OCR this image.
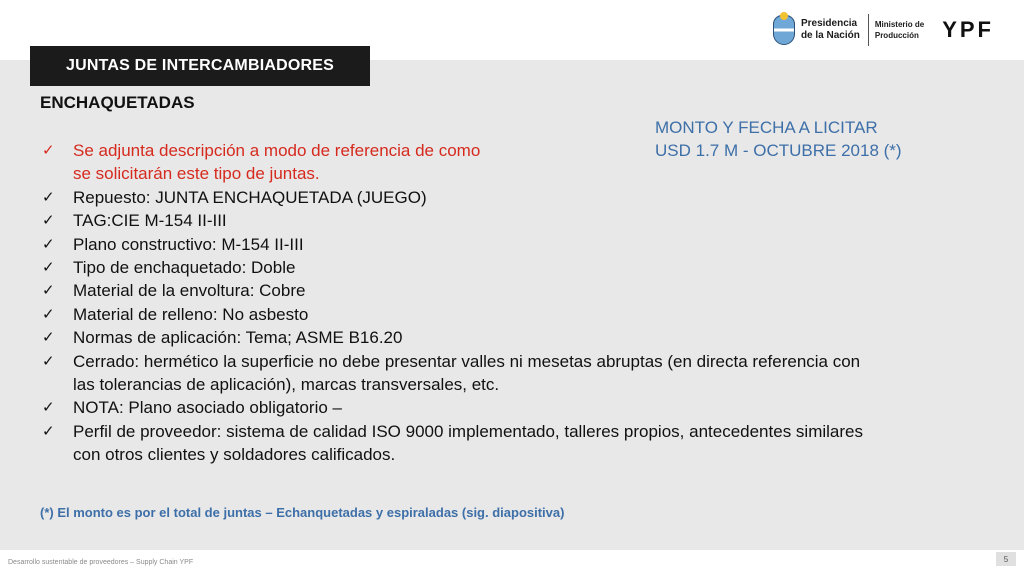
Presidencia
de la Nación
Ministerio de
Producción YPF
JUNTAS DE INTERCAMBIADORES
ENCHAQUETADAS
MONTO Y FECHA A LICITAR
USD 1.7 M - OCTUBRE 2018 (*)
✓ Se adjunta descripción a modo de referencia de como
se solicitarán este tipo de juntas.
✓ Repuesto: JUNTA ENCHAQUETADA (JUEGO)
✓ TAG:CIE M-154 II-III
✓ Plano constructivo: M-154 II-III
✓ Tipo de enchaquetado: Doble
✓ Material de la envoltura: Cobre
✓ Material de relleno: No asbesto
✓ Normas de aplicación: Tema; ASME B16.20
✓ Cerrado: hermético la superficie no debe presentar valles ni mesetas abruptas (en directa referencia con
las tolerancias de aplicación), marcas transversales, etc.
✓ NOTA: Plano asociado obligatorio –
✓ Perfil de proveedor: sistema de calidad ISO 9000 implementado, talleres propios, antecedentes similares
con otros clientes y soldadores calificados.
(*) El monto es por el total de juntas – Echanquetadas y espiraladas (sig. diapositiva)
Desarrollo sustentable de proveedores – Supply Chain YPF	5
